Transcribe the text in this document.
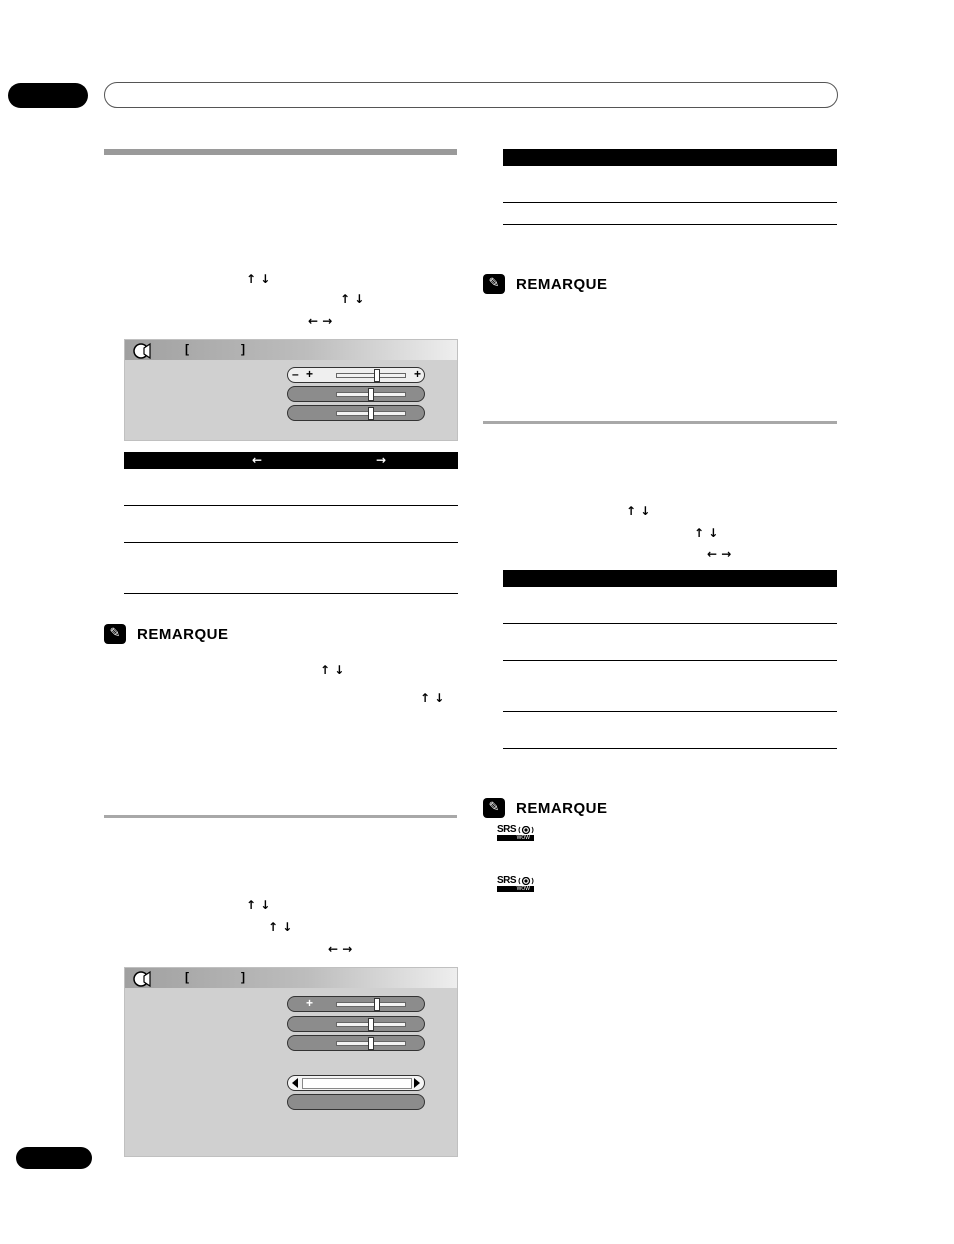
↑ ↓
↑ ↓
← →
[	]
– +	+
←	→
✎	REMARQUE
↑ ↓
↑ ↓
↑ ↓
↑ ↓
← →
[	]
+
✎	REMARQUE
↑ ↓
↑ ↓
← →
✎	REMARQUE
SRS
WOW
SRS
WOW
